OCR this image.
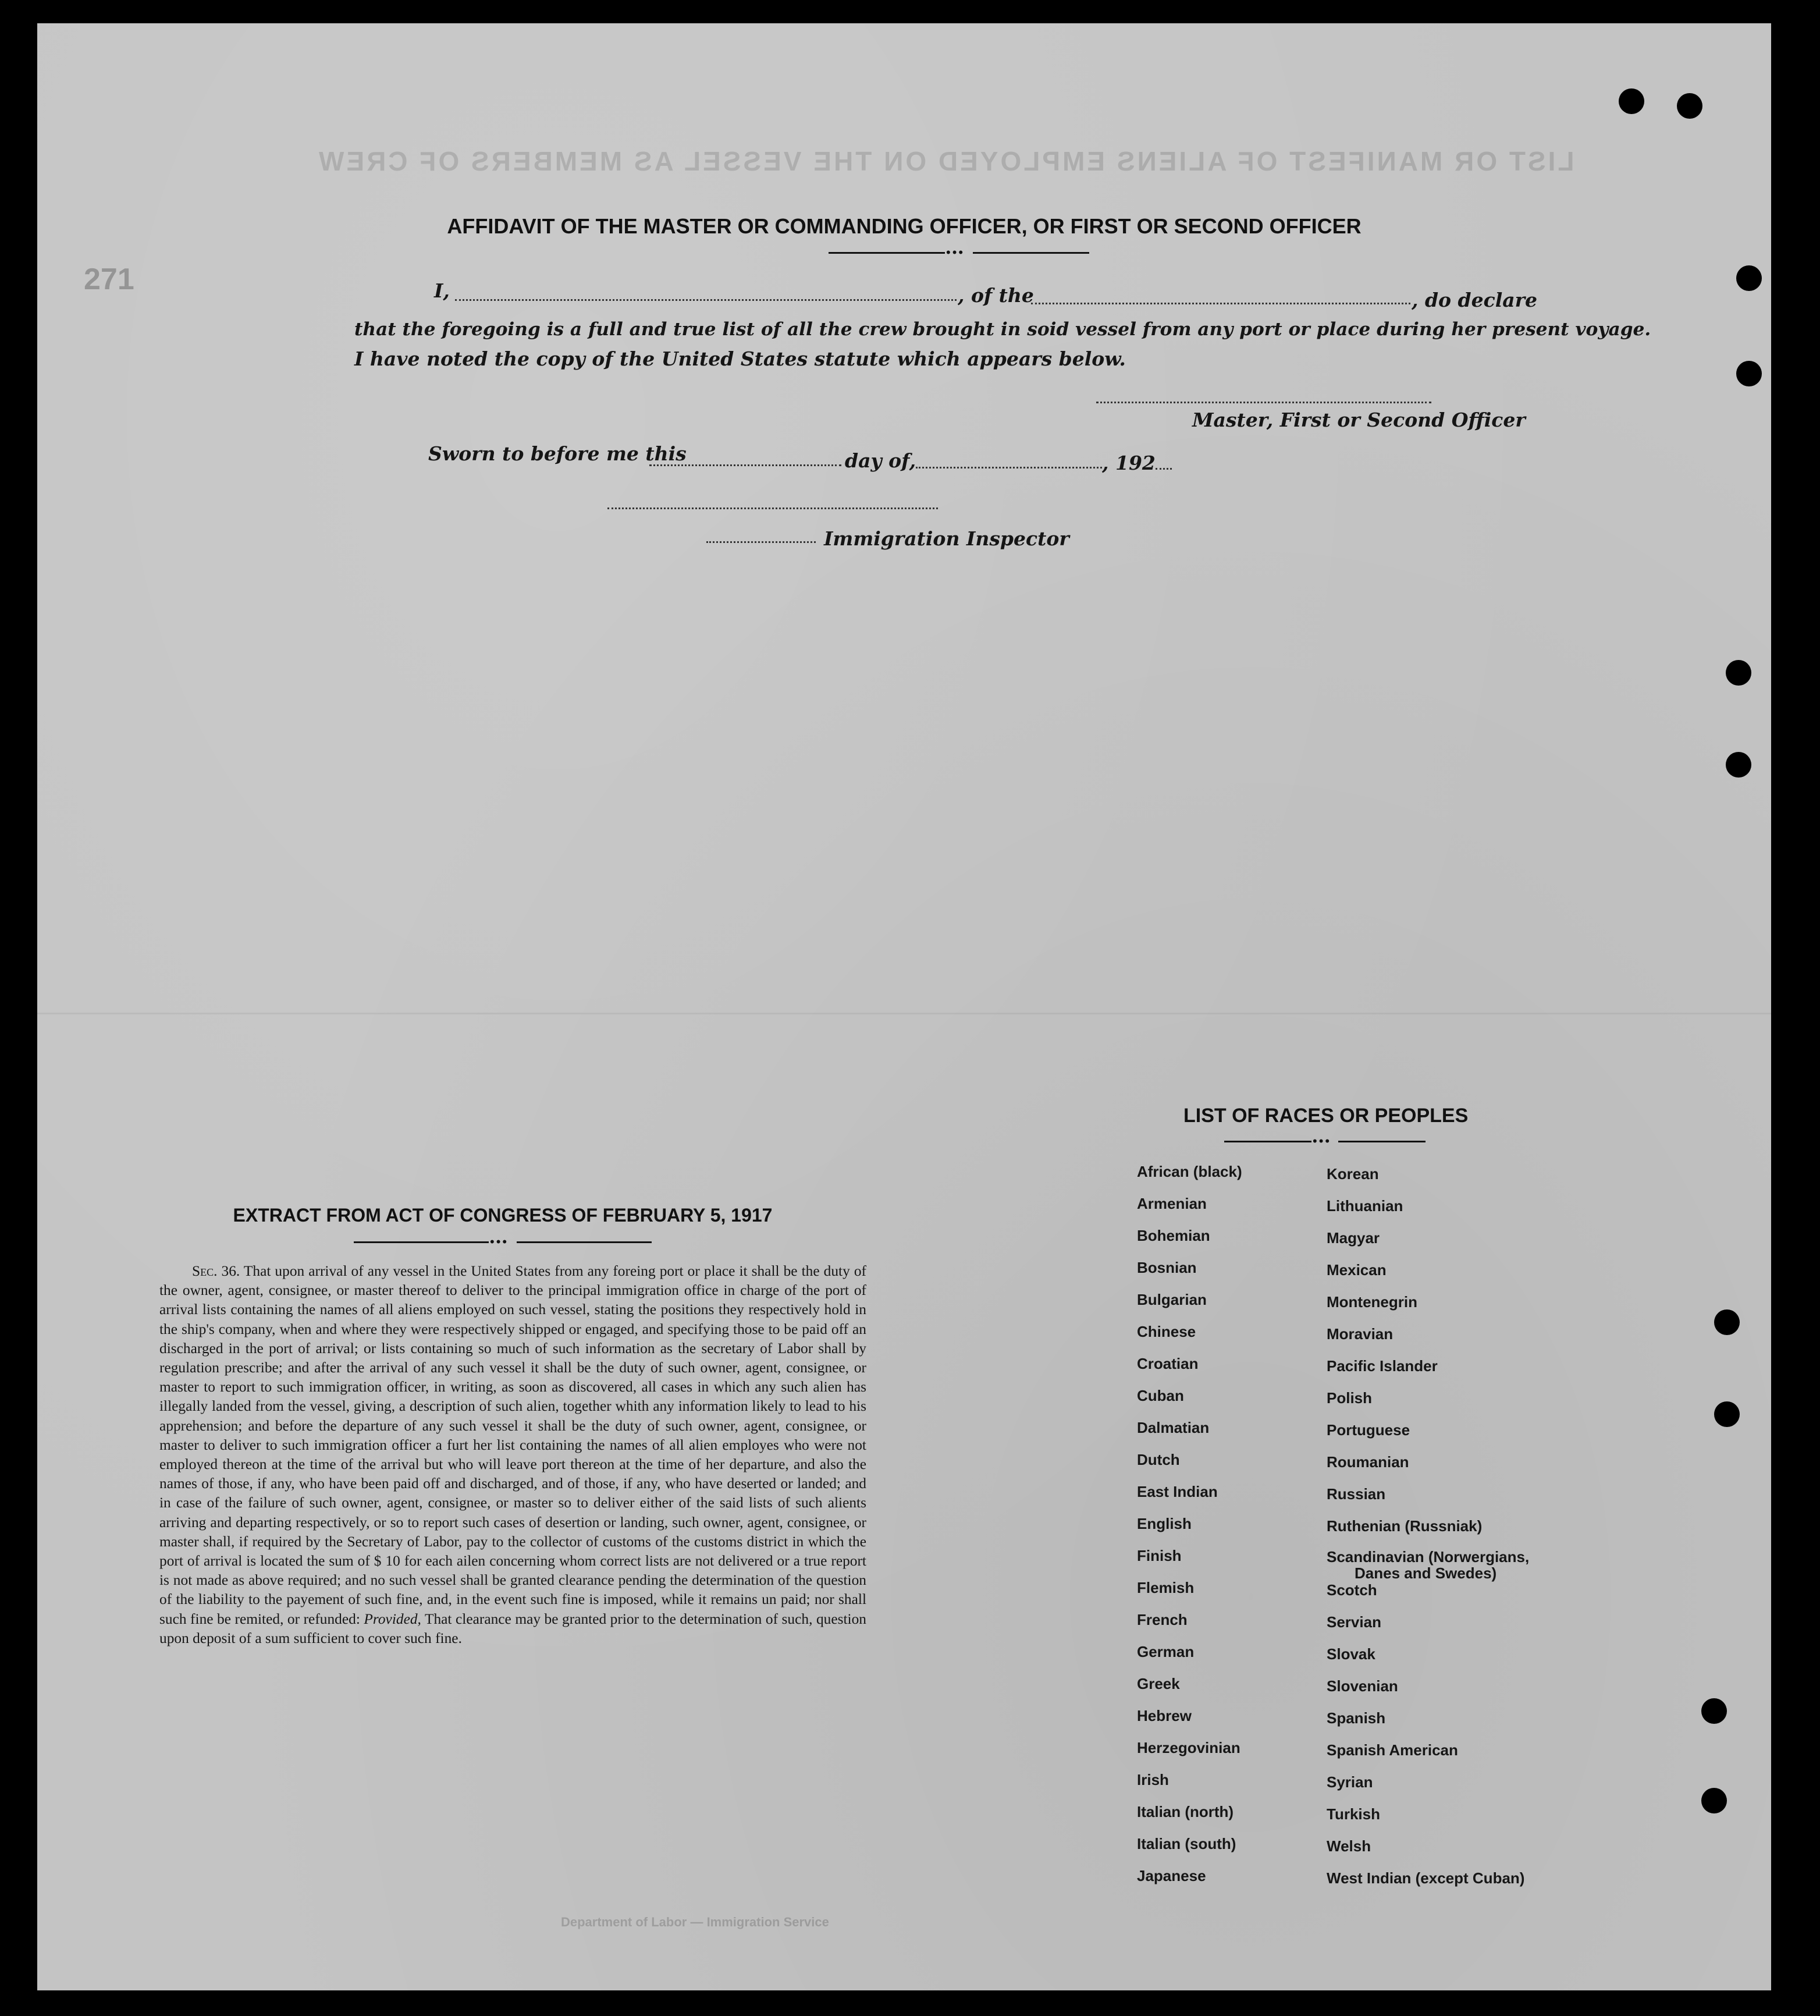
LIST OR MANIFEST OF ALIENS EMPLOYED ON THE VESSEL AS MEMBERS OF CREW
271
AFFIDAVIT OF THE MASTER OR COMMANDING OFFICER, OR FIRST OR SECOND OFFICER
•••
I,	, of the	, do declare
that the foregoing is a full and true list of all the crew brought in soid vessel from any port or place during her present voyage.
I have noted the copy of the United States statute which appears below.
Master, First or Second Officer
Sworn to before me this	day of,	, 192
Immigration Inspector
EXTRACT FROM ACT OF CONGRESS OF FEBRUARY 5, 1917
•••
Sec. 36. That upon arrival of any vessel in the United States from any foreing port or place it shall be the duty of the owner, agent, consignee, or master thereof to deliver to the principal immigration office in charge of the port of arrival lists containing the names of all aliens employed on such vessel, stating the positions they respectively hold in the ship's company, when and where they were respectively shipped or engaged, and specifying those to be paid off an discharged in the port of arrival; or lists containing so much of such information as the secretary of Labor shall by regulation prescribe; and after the arrival of any such vessel it shall be the duty of such owner, agent, consignee, or master to report to such immigration officer, in writing, as soon as discovered, all cases in which any such alien has illegally landed from the vessel, giving, a description of such alien, together whith any information likely to lead to his apprehension; and before the departure of any such vessel it shall be the duty of such owner, agent, consignee, or master to deliver to such immigration officer a furt her list containing the names of all alien employes who were not employed thereon at the time of the arrival but who will leave port thereon at the time of her departure, and also the names of those, if any, who have been paid off and discharged, and of those, if any, who have deserted or landed; and in case of the failure of such owner, agent, consignee, or master so to deliver either of the said lists of such alients arriving and departing respectively, or so to report such cases of desertion or landing, such owner, agent, consignee, or master shall, if required by the Secretary of Labor, pay to the collector of customs of the customs district in which the port of arrival is located the sum of $ 10 for each ailen concerning whom correct lists are not delivered or a true report is not made as above required; and no such vessel shall be granted clearance pending the determination of the question of the liability to the payement of such fine, and, in the event such fine is imposed, while it remains un paid; nor shall such fine be remited, or refunded: Provided, That clearance may be granted prior to the determination of such, question upon deposit of a sum sufficient to cover such fine.
LIST OF RACES OR PEOPLES
•••
African (black)
Armenian
Bohemian
Bosnian
Bulgarian
Chinese
Croatian
Cuban
Dalmatian
Dutch
East Indian
English
Finish
Flemish
French
German
Greek
Hebrew
Herzegovinian
Irish
Italian (north)
Italian (south)
Japanese
Korean
Lithuanian
Magyar
Mexican
Montenegrin
Moravian
Pacific Islander
Polish
Portuguese
Roumanian
Russian
Ruthenian (Russniak)
Scandinavian (Norwergians,
Danes and Swedes)
Scotch
Servian
Slovak
Slovenian
Spanish
Spanish American
Syrian
Turkish
Welsh
West Indian (except Cuban)
Department of Labor — Immigration Service
